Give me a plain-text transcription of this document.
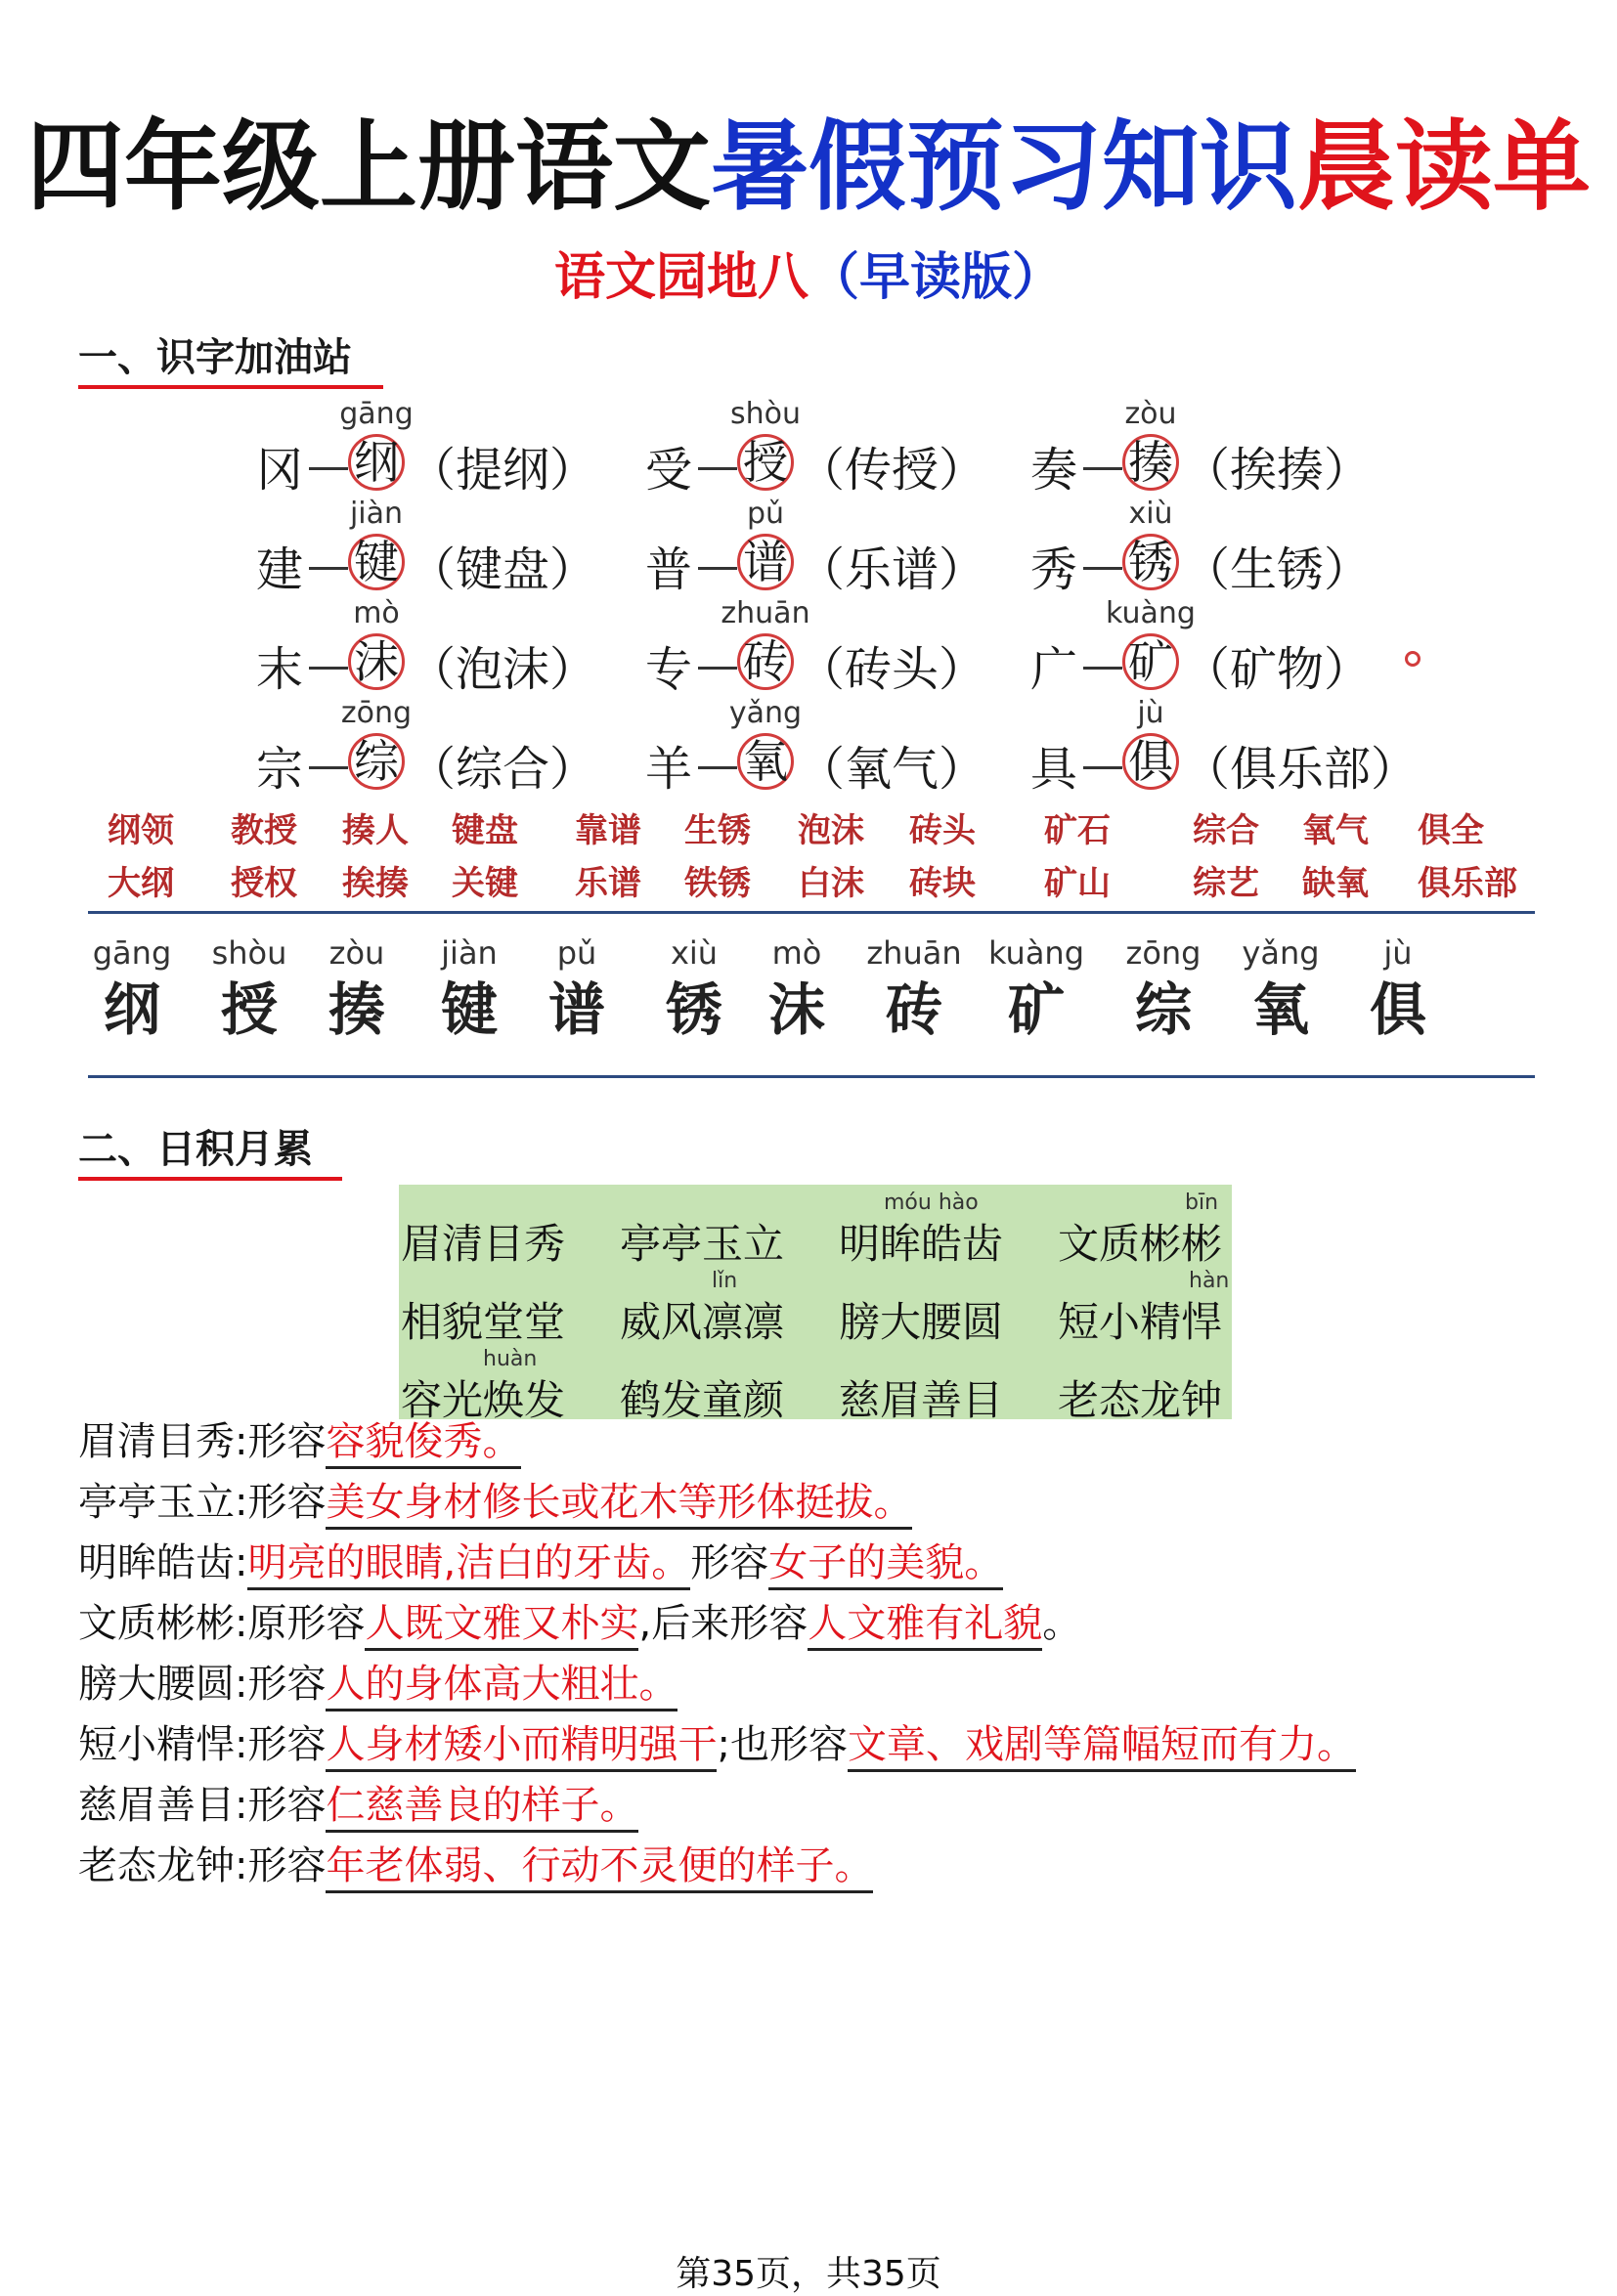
四年级上册语文暑假预习知识晨读单
语文园地八（早读版）
一、识字加油站
gāng
冈 纲 （提纲）
shòu
受 授 （传授）
zòu
奏 揍 （挨揍）
jiàn
建 键 （键盘）
pǔ
普 谱 （乐谱）
xiù
秀 锈 （生锈）
mò
末 沫 （泡沫）
zhuān
专 砖 （砖头）
kuàng
广 矿 （矿物）
zōng
宗 综 （综合）
yǎng
羊 氧 （氧气）
jù
具 俱 （俱乐部）
纲领 教授 揍人 键盘 靠谱 生锈 泡沫 砖头 矿石 综合 氧气 俱全
大纲 授权 挨揍 关键 乐谱 铁锈 白沫 砖块 矿山 综艺 缺氧 俱乐部
gāng
纲
shòu
授
zòu
揍
jiàn
键
pǔ
谱
xiù
锈
mò
沫
zhuān
砖
kuàng
矿
zōng
综
yǎng
氧
jù
俱
二、日积月累
眉清目秀 亭亭玉立
móu hào
明眸皓齿
bīn
文质彬彬
相貌堂堂
lǐn
威风凛凛 膀大腰圆
hàn
短小精悍
huàn
容光焕发 鹤发童颜 慈眉善目 老态龙钟
眉清目秀:形容容貌俊秀。
亭亭玉立:形容美女身材修长或花木等形体挺拔。
明眸皓齿:明亮的眼睛,洁白的牙齿。形容女子的美貌。
文质彬彬:原形容人既文雅又朴实,后来形容人文雅有礼貌。
膀大腰圆:形容人的身体高大粗壮。
短小精悍:形容人身材矮小而精明强干;也形容文章、戏剧等篇幅短而有力。
慈眉善目:形容仁慈善良的样子。
老态龙钟:形容年老体弱、行动不灵便的样子。
第35页，共35页
